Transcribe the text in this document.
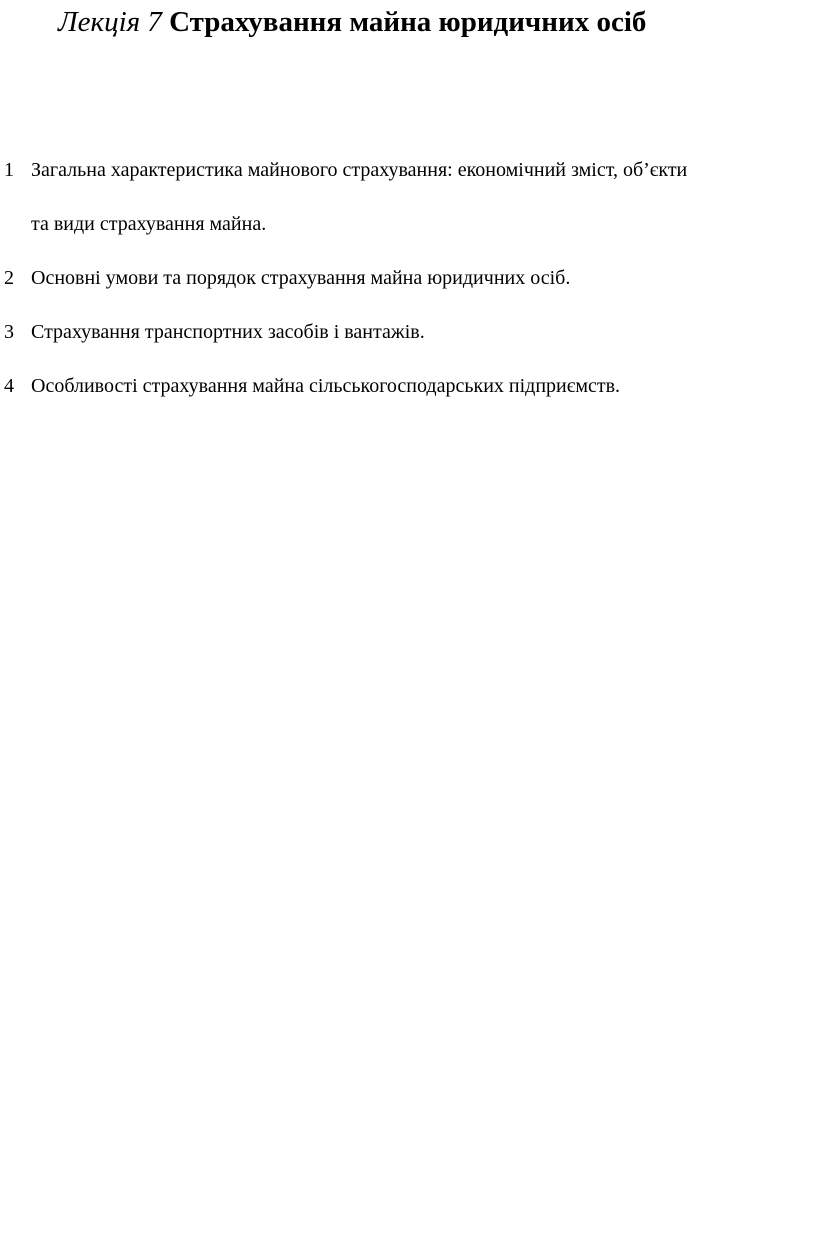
Лекція 7 Страхування майна юридичних осіб
1 Загальна характеристика майнового страхування: економічний зміст, об’єкти
та види страхування майна.
2 Основні умови та порядок страхування майна юридичних осіб.
3 Страхування транспортних засобів і вантажів.
4 Особливості страхування майна сільськогосподарських підприємств.
